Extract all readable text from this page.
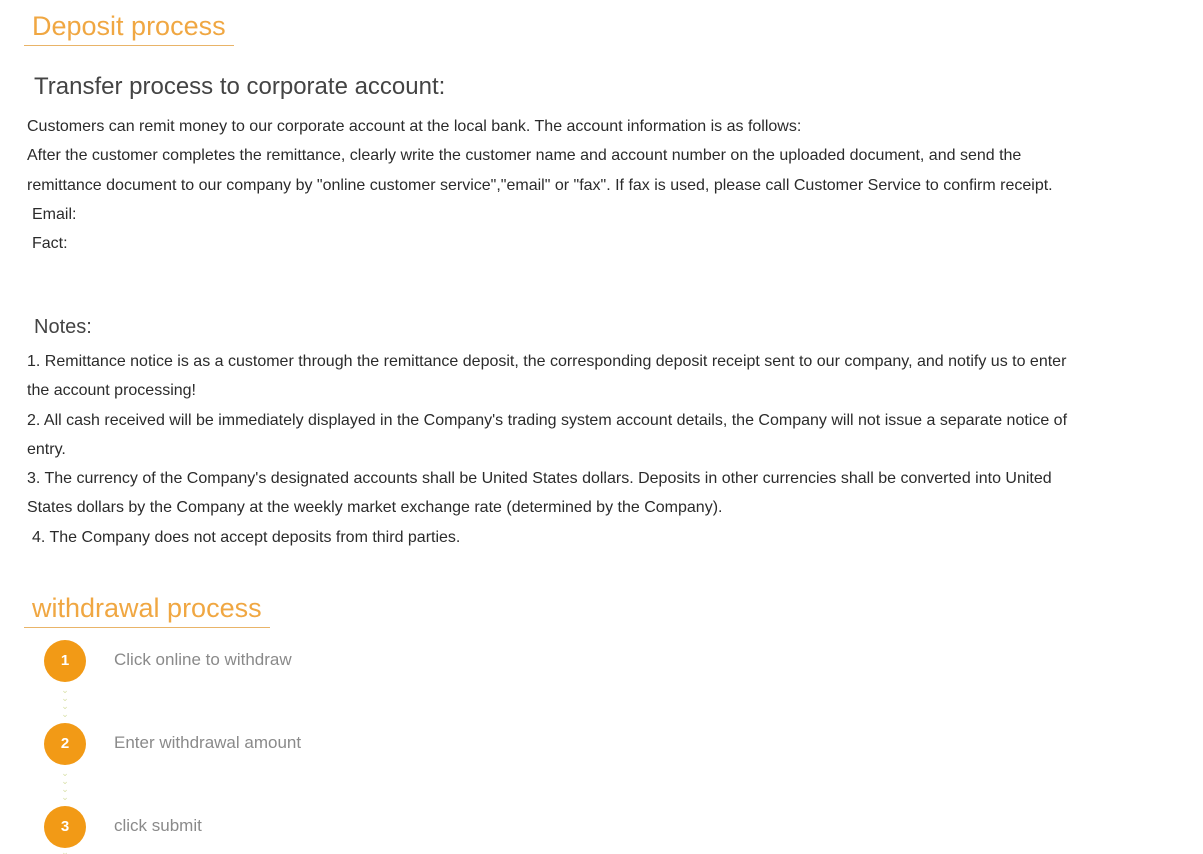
Deposit process
Transfer process to corporate account:

Customers can remit money to our corporate account at the local bank. The account information is as follows:

After the customer completes the remittance, clearly write the customer name and account number on the uploaded document, and send the remittance document to our company by "online customer service","email" or "fax". If fax is used, please call Customer Service to confirm receipt.

Email:

Fact:

Notes:

1. Remittance notice is as a customer through the remittance deposit, the corresponding deposit receipt sent to our company, and notify us to enter the account processing!

2. All cash received will be immediately displayed in the Company's trading system account details, the Company will not issue a separate notice of entry.

3. The currency of the Company's designated accounts shall be United States dollars. Deposits in other currencies shall be converted into United States dollars by the Company at the weekly market exchange rate (determined by the Company).

4. The Company does not accept deposits from third parties.

withdrawal process
1	Click online to withdraw
⌄
⌄
⌄
⌄
2	Enter withdrawal amount
⌄
⌄
⌄
⌄
3	click submit
⌄
